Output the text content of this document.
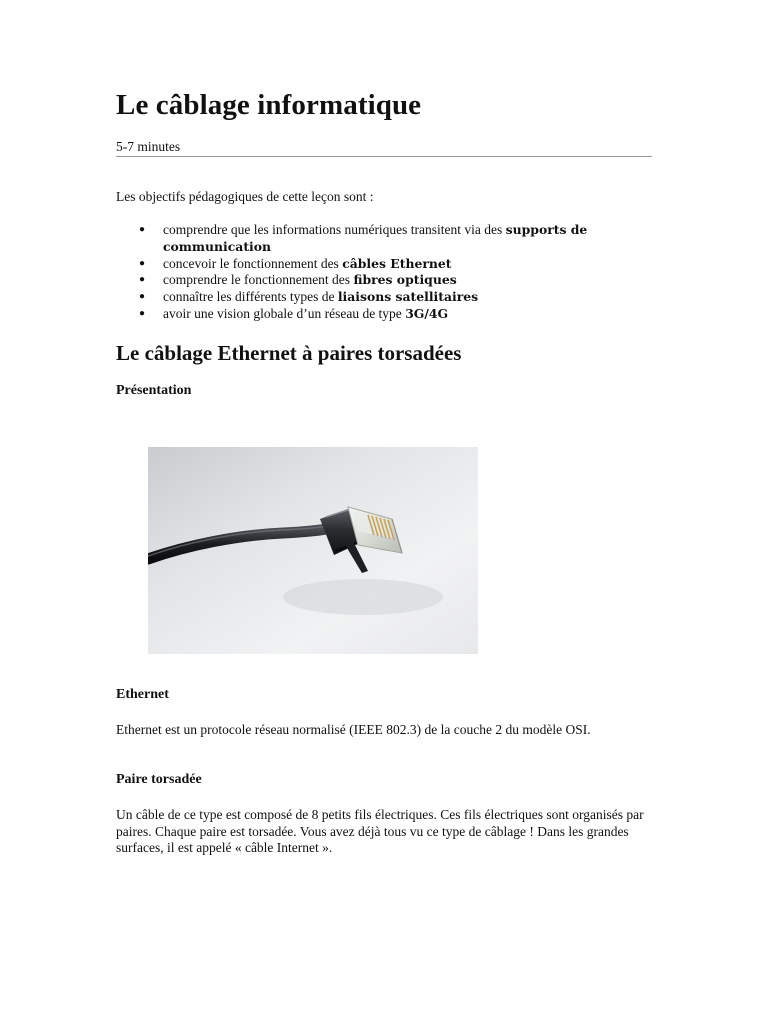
Le câblage informatique
5-7 minutes

Les objectifs pédagogiques de cette leçon sont :

● comprendre que les informations numériques transitent via des supports de communication
● concevoir le fonctionnement des câbles Ethernet
● comprendre le fonctionnement des fibres optiques
● connaître les différents types de liaisons satellitaires
● avoir une vision globale d’un réseau de type 3G/4G
Le câblage Ethernet à paires torsadées
Présentation
Ethernet

Ethernet est un protocole réseau normalisé (IEEE 802.3) de la couche 2 du modèle OSI.

Paire torsadée

Un câble de ce type est composé de 8 petits fils électriques. Ces fils électriques sont organisés par paires. Chaque paire est torsadée. Vous avez déjà tous vu ce type de câblage ! Dans les grandes surfaces, il est appelé « câble Internet ».
